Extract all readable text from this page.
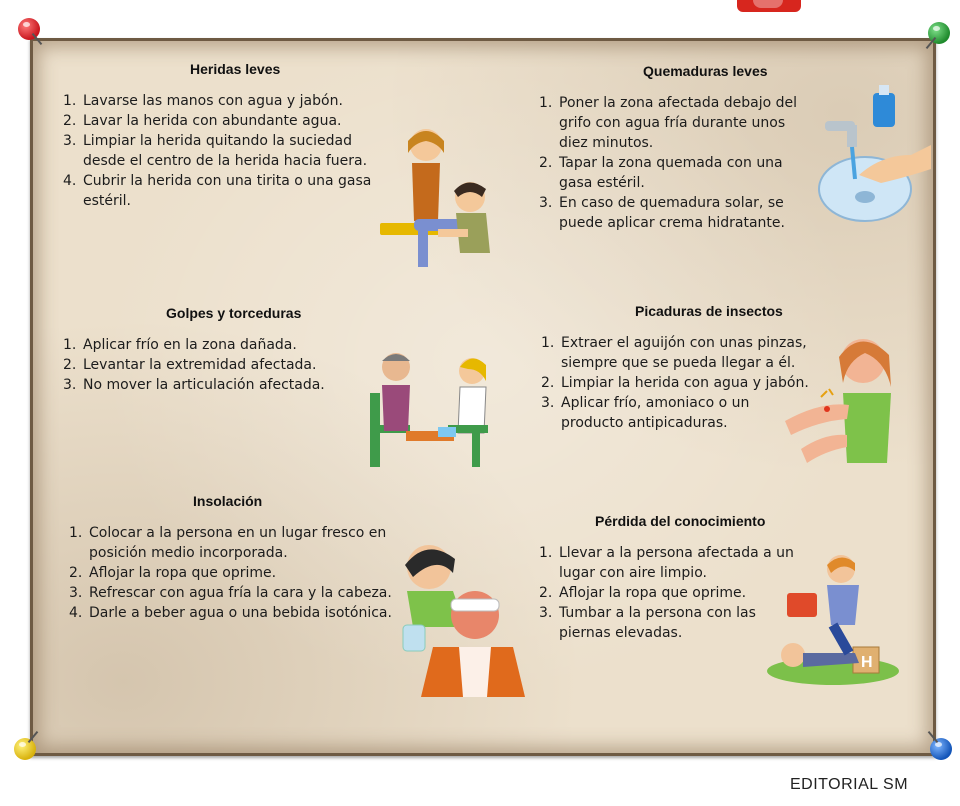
Heridas leves
1. Lavarse las manos con agua y jabón.
2. Lavar la herida con abundante agua.
3. Limpiar la herida quitando la suciedad desde el centro de la herida hacia fuera.
4. Cubrir la herida con una tirita o una gasa estéril.
Quemaduras leves
1. Poner la zona afectada debajo del grifo con agua fría durante unos diez minutos.
2. Tapar la zona quemada con una gasa estéril.
3. En caso de quemadura solar, se puede aplicar crema hidratante.
Golpes y torceduras
1. Aplicar frío en la zona dañada.
2. Levantar la extremidad afectada.
3. No mover la articulación afectada.
Picaduras de insectos
1. Extraer el aguijón con unas pinzas, siempre que se pueda llegar a él.
2. Limpiar la herida con agua y jabón.
3. Aplicar frío, amoniaco o un producto antipicaduras.
Insolación
1. Colocar a la persona en un lugar fresco en posición medio incorporada.
2. Aflojar la ropa que oprime.
3. Refrescar con agua fría la cara y la cabeza.
4. Darle a beber agua o una bebida isotónica.
Pérdida del conocimiento
1. Llevar a la persona afectada a un lugar con aire limpio.
2. Aflojar la ropa que oprime.
3. Tumbar a la persona con las piernas elevadas.
H
EDITORIAL SM
